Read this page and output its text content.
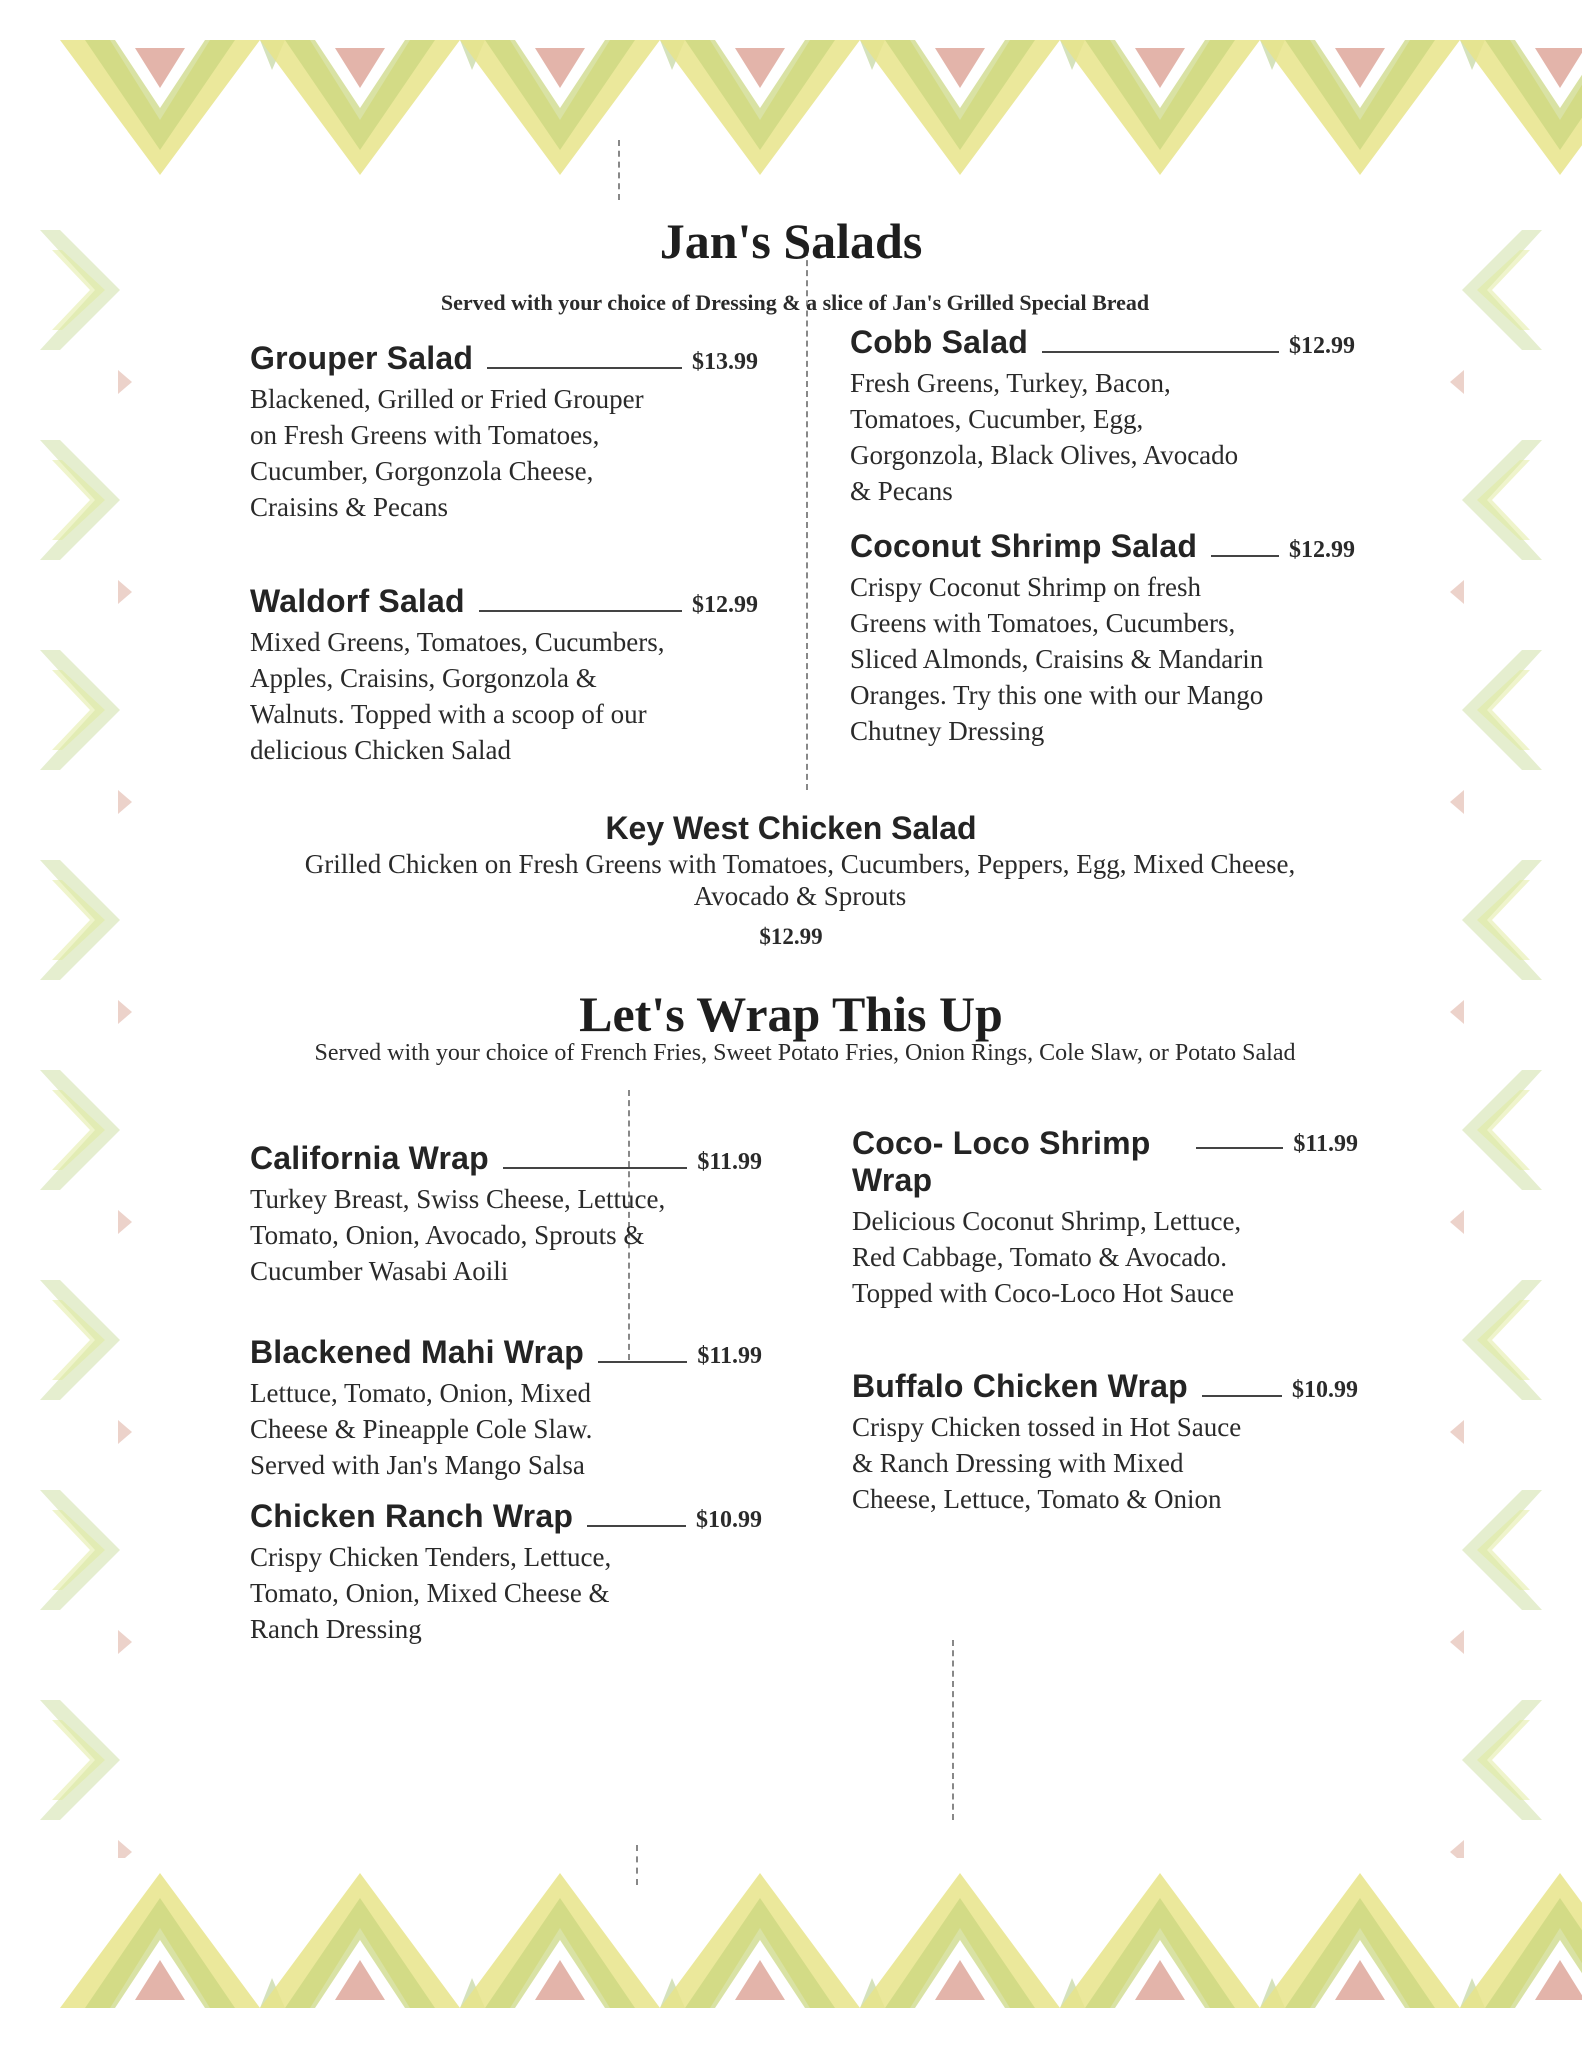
Jan's Salads
Served with your choice of Dressing & a slice of Jan's Grilled Special Bread
Grouper Salad	$13.99
Blackened, Grilled or Fried Grouper on Fresh Greens with Tomatoes, Cucumber, Gorgonzola Cheese, Craisins & Pecans
Waldorf Salad	$12.99
Mixed Greens, Tomatoes, Cucumbers, Apples, Craisins, Gorgonzola & Walnuts. Topped with a scoop of our delicious Chicken Salad
Cobb Salad	$12.99
Fresh Greens, Turkey, Bacon, Tomatoes, Cucumber, Egg, Gorgonzola, Black Olives, Avocado & Pecans
Coconut Shrimp Salad	$12.99
Crispy Coconut Shrimp on fresh Greens with Tomatoes, Cucumbers, Sliced Almonds, Craisins & Mandarin Oranges. Try this one with our Mango Chutney Dressing
Key West Chicken Salad
Grilled Chicken on Fresh Greens with Tomatoes, Cucumbers, Peppers, Egg, Mixed Cheese, Avocado & Sprouts
$12.99
Let's Wrap This Up
Served with your choice of French Fries, Sweet Potato Fries, Onion Rings, Cole Slaw, or Potato Salad
California Wrap	$11.99
Turkey Breast, Swiss Cheese, Lettuce, Tomato, Onion, Avocado, Sprouts & Cucumber Wasabi Aoili
Blackened Mahi Wrap	$11.99
Lettuce, Tomato, Onion, Mixed Cheese & Pineapple Cole Slaw. Served with Jan's Mango Salsa
Chicken Ranch Wrap	$10.99
Crispy Chicken Tenders, Lettuce, Tomato, Onion, Mixed Cheese & Ranch Dressing
Coco- Loco Shrimp Wrap
$11.99
Delicious Coconut Shrimp, Lettuce, Red Cabbage, Tomato & Avocado. Topped with Coco-Loco Hot Sauce
Buffalo Chicken Wrap	$10.99
Crispy Chicken tossed in Hot Sauce & Ranch Dressing with Mixed Cheese, Lettuce, Tomato & Onion
